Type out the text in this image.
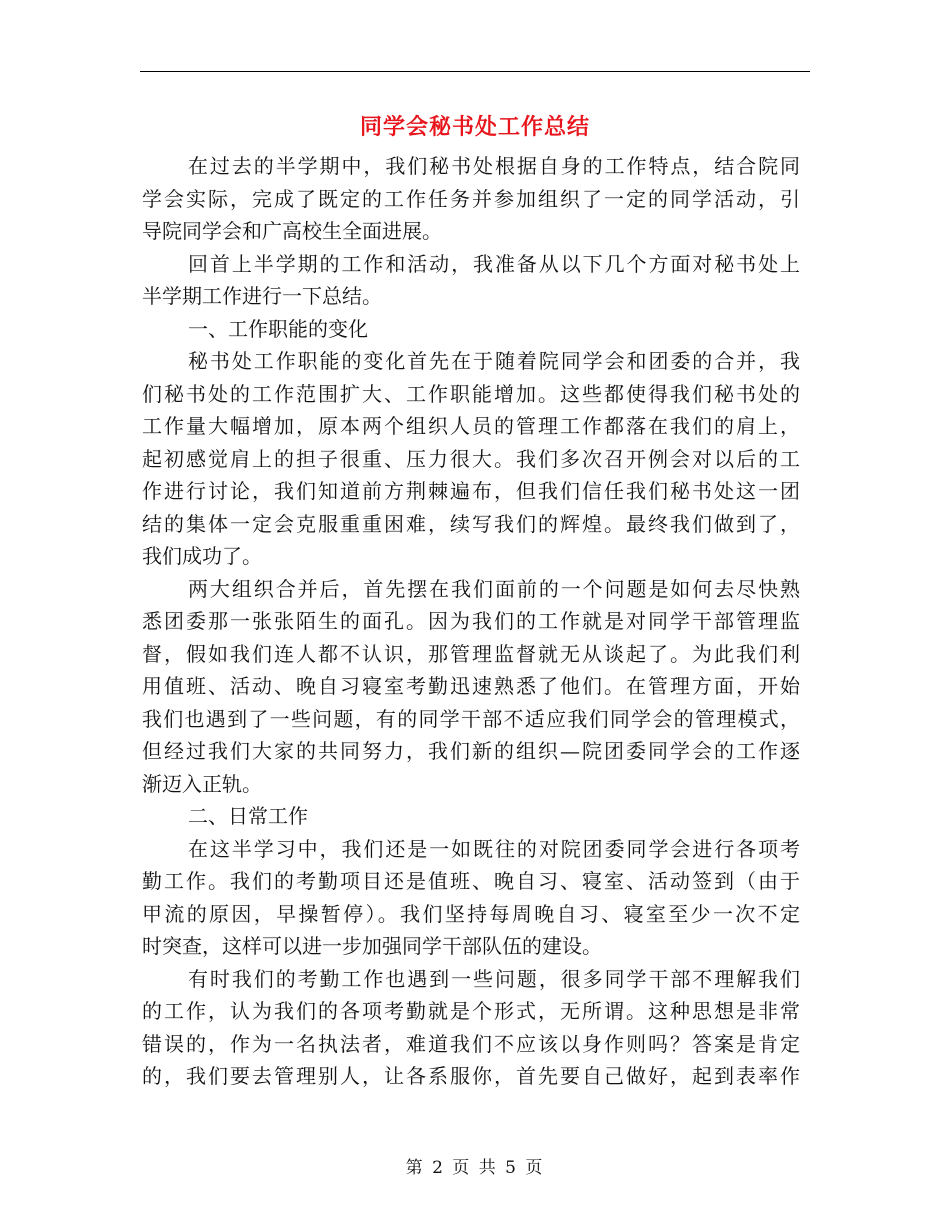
同学会秘书处工作总结
在过去的半学期中，我们秘书处根据自身的工作特点，结合院同
学会实际，完成了既定的工作任务并参加组织了一定的同学活动，引
导院同学会和广高校生全面进展。
回首上半学期的工作和活动，我准备从以下几个方面对秘书处上
半学期工作进行一下总结。
一、工作职能的变化
秘书处工作职能的变化首先在于随着院同学会和团委的合并，我
们秘书处的工作范围扩大、工作职能增加。这些都使得我们秘书处的
工作量大幅增加，原本两个组织人员的管理工作都落在我们的肩上，
起初感觉肩上的担子很重、压力很大。我们多次召开例会对以后的工
作进行讨论，我们知道前方荆棘遍布，但我们信任我们秘书处这一团
结的集体一定会克服重重困难，续写我们的辉煌。最终我们做到了，
我们成功了。
两大组织合并后，首先摆在我们面前的一个问题是如何去尽快熟
悉团委那一张张陌生的面孔。因为我们的工作就是对同学干部管理监
督，假如我们连人都不认识，那管理监督就无从谈起了。为此我们利
用值班、活动、晚自习寝室考勤迅速熟悉了他们。在管理方面，开始
我们也遇到了一些问题，有的同学干部不适应我们同学会的管理模式，
但经过我们大家的共同努力，我们新的组织—院团委同学会的工作逐
渐迈入正轨。
二、日常工作
在这半学习中，我们还是一如既往的对院团委同学会进行各项考
勤工作。我们的考勤项目还是值班、晚自习、寝室、活动签到（由于
甲流的原因，早操暂停）。我们坚持每周晚自习、寝室至少一次不定
时突查，这样可以进一步加强同学干部队伍的建设。
有时我们的考勤工作也遇到一些问题，很多同学干部不理解我们
的工作，认为我们的各项考勤就是个形式，无所谓。这种思想是非常
错误的，作为一名执法者，难道我们不应该以身作则吗？答案是肯定
的，我们要去管理别人，让各系服你，首先要自己做好，起到表率作
第 2 页 共 5 页
